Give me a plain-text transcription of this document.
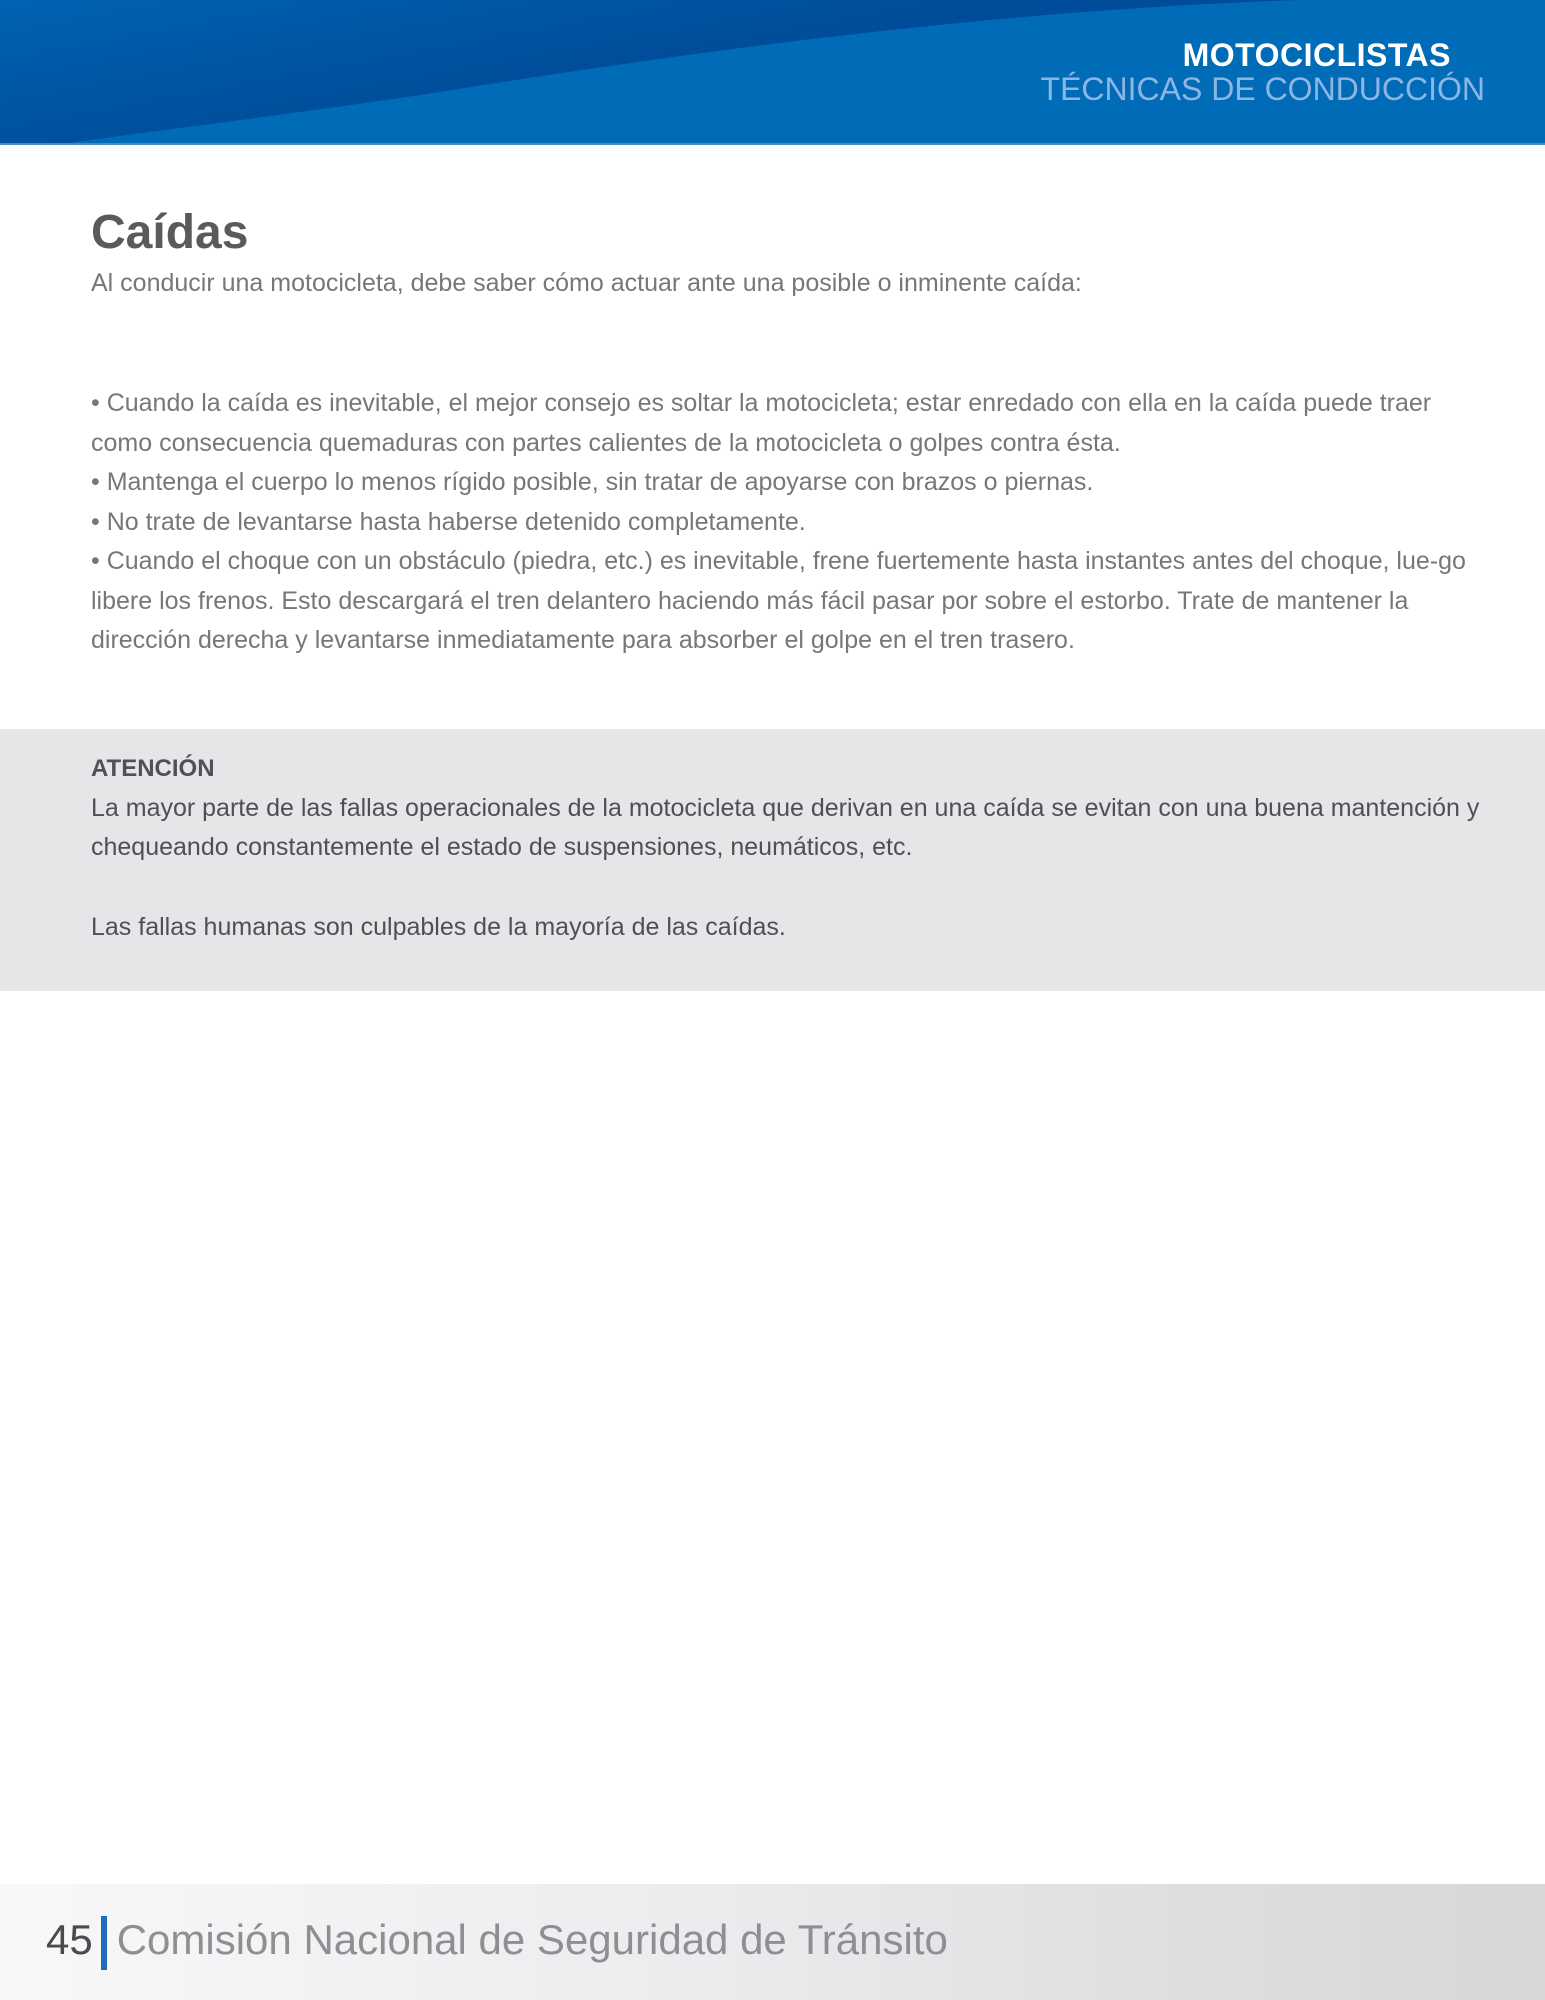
MOTOCICLISTAS
TÉCNICAS DE CONDUCCIÓN
Caídas

Al conducir una motocicleta, debe saber cómo actuar ante una posible o inminente caída:

• Cuando la caída es inevitable, el mejor consejo es soltar la motocicleta; estar enredado con ella en la caída puede traer como consecuencia quemaduras con partes calientes de la motocicleta o golpes contra ésta.

• Mantenga el cuerpo lo menos rígido posible, sin tratar de apoyarse con brazos o piernas.

• No trate de levantarse hasta haberse detenido completamente.

• Cuando el choque con un obstáculo (piedra, etc.) es inevitable, frene fuertemente hasta instantes antes del choque, lue-go libere los frenos. Esto descargará el tren delantero haciendo más fácil pasar por sobre el estorbo. Trate de mantener la dirección derecha y levantarse inmediatamente para absorber el golpe en el tren trasero.

ATENCIÓN

La mayor parte de las fallas operacionales de la motocicleta que derivan en una caída se evitan con una buena mantención y chequeando constantemente el estado de suspensiones, neumáticos, etc.

Las fallas humanas son culpables de la mayoría de las caídas.

45 Comisión Nacional de Seguridad de Tránsito
